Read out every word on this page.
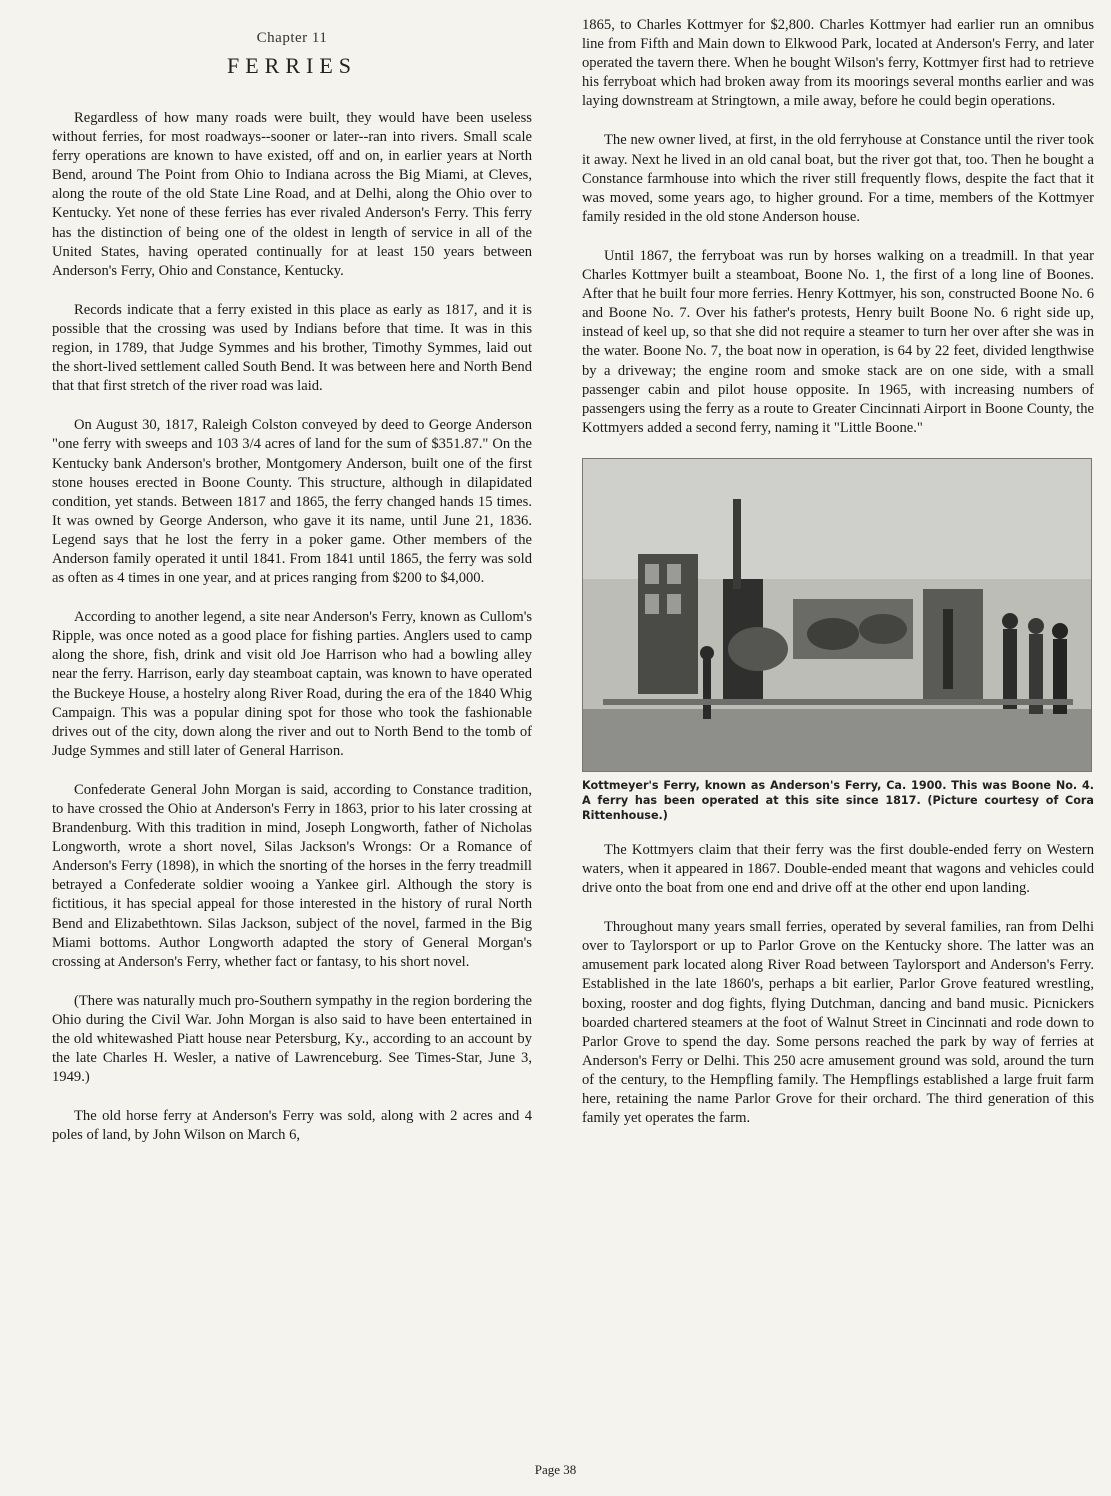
Chapter 11
FERRIES

Regardless of how many roads were built, they would have been useless without ferries, for most roadways--sooner or later--ran into rivers. Small scale ferry operations are known to have existed, off and on, in earlier years at North Bend, around The Point from Ohio to Indiana across the Big Miami, at Cleves, along the route of the old State Line Road, and at Delhi, along the Ohio over to Kentucky. Yet none of these ferries has ever rivaled Anderson's Ferry. This ferry has the distinction of being one of the oldest in length of service in all of the United States, having operated continually for at least 150 years between Anderson's Ferry, Ohio and Constance, Kentucky.

Records indicate that a ferry existed in this place as early as 1817, and it is possible that the crossing was used by Indians before that time. It was in this region, in 1789, that Judge Symmes and his brother, Timothy Symmes, laid out the short-lived settlement called South Bend. It was between here and North Bend that that first stretch of the river road was laid.

On August 30, 1817, Raleigh Colston conveyed by deed to George Anderson "one ferry with sweeps and 103 3/4 acres of land for the sum of $351.87." On the Kentucky bank Anderson's brother, Montgomery Anderson, built one of the first stone houses erected in Boone County. This structure, although in dilapidated condition, yet stands. Between 1817 and 1865, the ferry changed hands 15 times. It was owned by George Anderson, who gave it its name, until June 21, 1836. Legend says that he lost the ferry in a poker game. Other members of the Anderson family operated it until 1841. From 1841 until 1865, the ferry was sold as often as 4 times in one year, and at prices ranging from $200 to $4,000.

According to another legend, a site near Anderson's Ferry, known as Cullom's Ripple, was once noted as a good place for fishing parties. Anglers used to camp along the shore, fish, drink and visit old Joe Harrison who had a bowling alley near the ferry. Harrison, early day steamboat captain, was known to have operated the Buckeye House, a hostelry along River Road, during the era of the 1840 Whig Campaign. This was a popular dining spot for those who took the fashionable drives out of the city, down along the river and out to North Bend to the tomb of Judge Symmes and still later of General Harrison.

Confederate General John Morgan is said, according to Constance tradition, to have crossed the Ohio at Anderson's Ferry in 1863, prior to his later crossing at Brandenburg. With this tradition in mind, Joseph Longworth, father of Nicholas Longworth, wrote a short novel, Silas Jackson's Wrongs: Or a Romance of Anderson's Ferry (1898), in which the snorting of the horses in the ferry treadmill betrayed a Confederate soldier wooing a Yankee girl. Although the story is fictitious, it has special appeal for those interested in the history of rural North Bend and Elizabethtown. Silas Jackson, subject of the novel, farmed in the Big Miami bottoms. Author Longworth adapted the story of General Morgan's crossing at Anderson's Ferry, whether fact or fantasy, to his short novel.

(There was naturally much pro-Southern sympathy in the region bordering the Ohio during the Civil War. John Morgan is also said to have been entertained in the old whitewashed Piatt house near Petersburg, Ky., according to an account by the late Charles H. Wesler, a native of Lawrenceburg. See Times-Star, June 3, 1949.)

The old horse ferry at Anderson's Ferry was sold, along with 2 acres and 4 poles of land, by John Wilson on March 6,

1865, to Charles Kottmyer for $2,800. Charles Kottmyer had earlier run an omnibus line from Fifth and Main down to Elkwood Park, located at Anderson's Ferry, and later operated the tavern there. When he bought Wilson's ferry, Kottmyer first had to retrieve his ferryboat which had broken away from its moorings several months earlier and was laying downstream at Stringtown, a mile away, before he could begin operations.

The new owner lived, at first, in the old ferryhouse at Constance until the river took it away. Next he lived in an old canal boat, but the river got that, too. Then he bought a Constance farmhouse into which the river still frequently flows, despite the fact that it was moved, some years ago, to higher ground. For a time, members of the Kottmyer family resided in the old stone Anderson house.

Until 1867, the ferryboat was run by horses walking on a treadmill. In that year Charles Kottmyer built a steamboat, Boone No. 1, the first of a long line of Boones. After that he built four more ferries. Henry Kottmyer, his son, constructed Boone No. 6 and Boone No. 7. Over his father's protests, Henry built Boone No. 6 right side up, instead of keel up, so that she did not require a steamer to turn her over after she was in the water. Boone No. 7, the boat now in operation, is 64 by 22 feet, divided lengthwise by a driveway; the engine room and smoke stack are on one side, with a small passenger cabin and pilot house opposite. In 1965, with increasing numbers of passengers using the ferry as a route to Greater Cincinnati Airport in Boone County, the Kottmyers added a second ferry, naming it "Little Boone."

Kottmeyer's Ferry, known as Anderson's Ferry, Ca. 1900. This was Boone No. 4. A ferry has been operated at this site since 1817. (Picture courtesy of Cora Rittenhouse.)

The Kottmyers claim that their ferry was the first double-ended ferry on Western waters, when it appeared in 1867. Double-ended meant that wagons and vehicles could drive onto the boat from one end and drive off at the other end upon landing.

Throughout many years small ferries, operated by several families, ran from Delhi over to Taylorsport or up to Parlor Grove on the Kentucky shore. The latter was an amusement park located along River Road between Taylorsport and Anderson's Ferry. Established in the late 1860's, perhaps a bit earlier, Parlor Grove featured wrestling, boxing, rooster and dog fights, flying Dutchman, dancing and band music. Picnickers boarded chartered steamers at the foot of Walnut Street in Cincinnati and rode down to Parlor Grove to spend the day. Some persons reached the park by way of ferries at Anderson's Ferry or Delhi. This 250 acre amusement ground was sold, around the turn of the century, to the Hempfling family. The Hempflings established a large fruit farm here, retaining the name Parlor Grove for their orchard. The third generation of this family yet operates the farm.

Page 38
